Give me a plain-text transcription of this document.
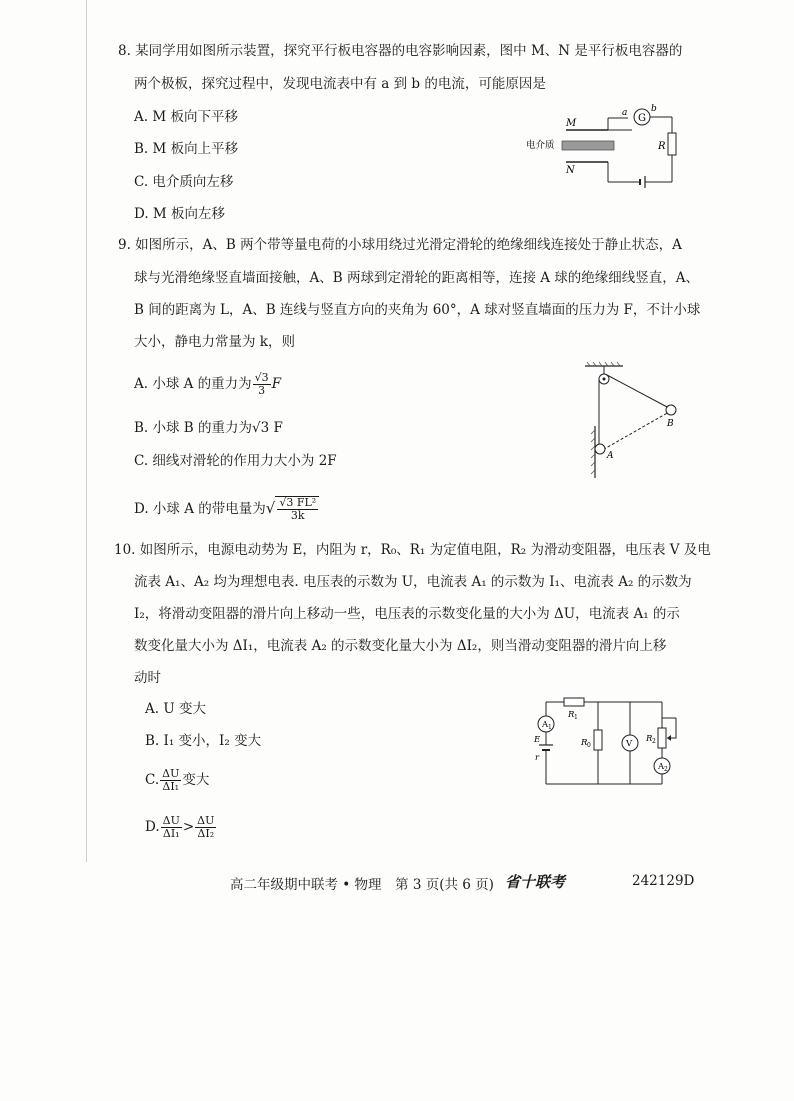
8. 某同学用如图所示装置，探究平行板电容器的电容影响因素，图中 M、N 是平行板电容器的
两个极板，探究过程中，发现电流表中有 a 到 b 的电流，可能原因是
A. M 板向下平移
B. M 板向上平移
C. 电介质向左移
D. M 板向左移
G
R
M
N
电介质
a	b
9. 如图所示，A、B 两个带等量电荷的小球用绕过光滑定滑轮的绝缘细线连接处于静止状态，A
球与光滑绝缘竖直墙面接触，A、B 两球到定滑轮的距离相等，连接 A 球的绝缘细线竖直，A、
B 间的距离为 L，A、B 连线与竖直方向的夹角为 60°，A 球对竖直墙面的压力为 F，不计小球
大小，静电力常量为 k，则
A. 小球 A 的重力为 $\frac{√3}{3}$ F
B. 小球 B 的重力为√3 F
C. 细线对滑轮的作用力大小为 2F
D. 小球 A 的带电量为√ $\frac{\text{√3 FL²}}{3k}$
A
B
10. 如图所示，电源电动势为 E，内阻为 r，R₀、R₁ 为定值电阻，R₂ 为滑动变阻器，电压表 V 及电
流表 A₁、A₂ 均为理想电表. 电压表的示数为 U，电流表 A₁ 的示数为 I₁、电流表 A₂ 的示数为
I₂，将滑动变阻器的滑片向上移动一些，电压表的示数变化量的大小为 ΔU，电流表 A₁ 的示
数变化量大小为 ΔI₁，电流表 A₂ 的示数变化量大小为 ΔI₂，则当滑动变阻器的滑片向上移
动时
A. U 变大
B. I₁ 变小，I₂ 变大
C. $\frac{\Delta U}{\text{ΔI₁}}$ 变大
D. $\frac{\Delta U}{\text{ΔI₁}} > \frac{\Delta U}{\text{ΔI₂}}$
R 1
A 1
E
r
R 0	V R 2
A 2
高二年级期中联考 • 物理　第 3 页(共 6 页) 省十联考	242129D
